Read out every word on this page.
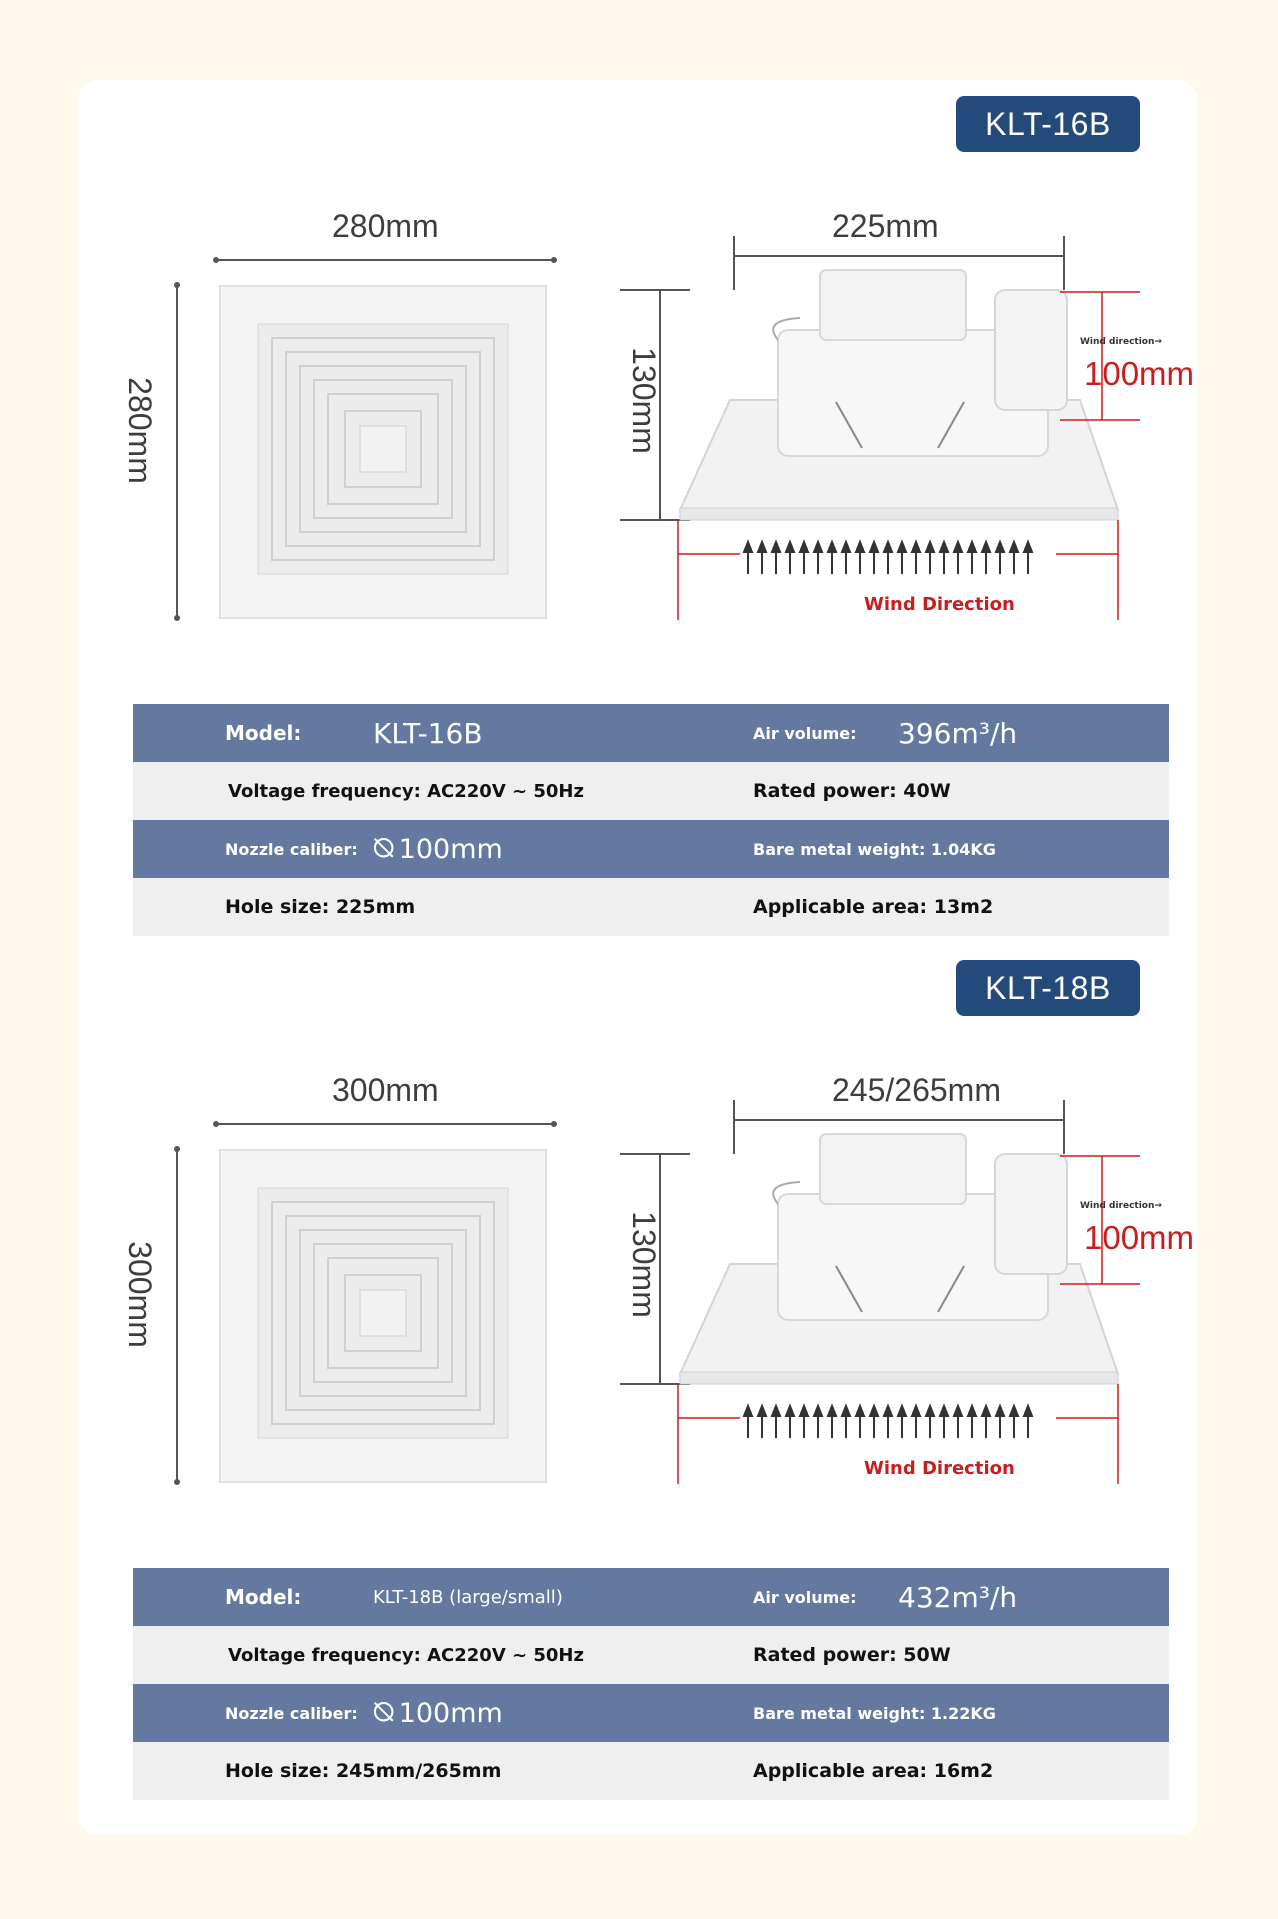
KLT-16B
280mm
280mm
225mm
130mm
Wind direction→
100mm
Wind Direction
Model:	KLT-16B	Air volume: 396m³/h
Voltage frequency: AC220V ~ 50Hz	Rated power: 40W
Nozzle caliber: ⦰ 100mm	Bare metal weight: 1.04KG
Hole size: 225mm	Applicable area: 13m2
KLT-18B
300mm
300mm
245/265mm
130mm
Wind direction→
100mm
Wind Direction
Model:	KLT-18B (large/small)	Air volume: 432m³/h
Voltage frequency: AC220V ~ 50Hz	Rated power: 50W
Nozzle caliber: ⦰ 100mm	Bare metal weight: 1.22KG
Hole size: 245mm/265mm	Applicable area: 16m2
